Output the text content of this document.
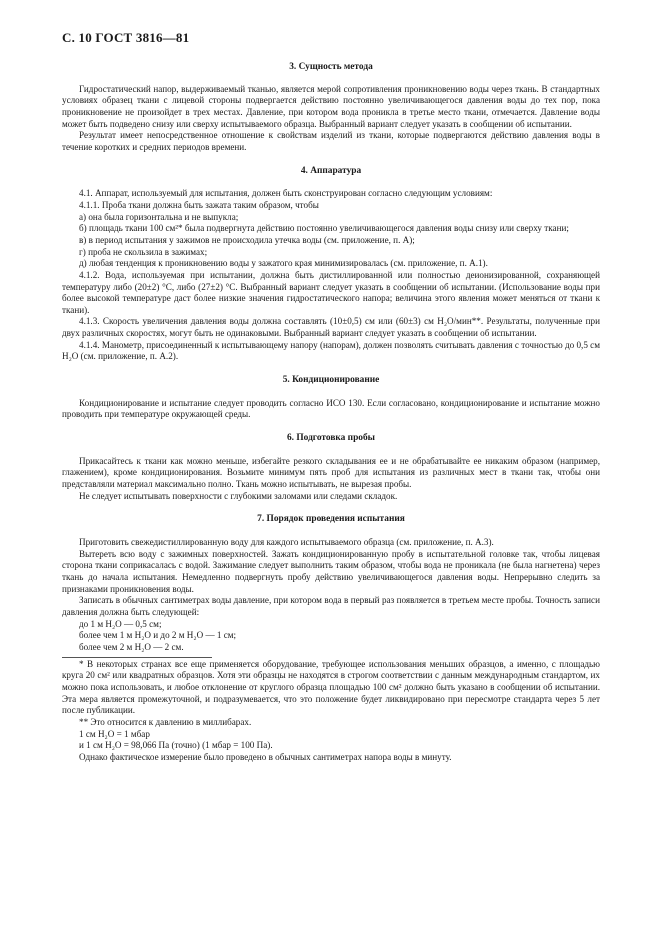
С. 10 ГОСТ 3816—81

3. Сущность метода

Гидростатический напор, выдерживаемый тканью, является мерой сопротивления проникновению воды через ткань. В стандартных условиях образец ткани с лицевой стороны подвергается действию постоянно увеличивающегося давления воды до тех пор, пока проникновение не произойдет в трех местах. Давление, при котором вода проникла в третье место ткани, отмечается. Давление воды может быть подведено снизу или сверху испытываемого образца. Выбранный вариант следует указать в сообщении об испытании.

Результат имеет непосредственное отношение к свойствам изделий из ткани, которые подвергаются действию давления воды в течение коротких и средних периодов времени.

4. Аппаратура

4.1. Аппарат, используемый для испытания, должен быть сконструирован согласно следующим условиям:

4.1.1. Проба ткани должна быть зажата таким образом, чтобы

а) она была горизонтальна и не выпукла;

б) площадь ткани 100 см²* была подвергнута действию постоянно увеличивающегося давления воды снизу или сверху ткани;

в) в период испытания у зажимов не происходила утечка воды (см. приложение, п. А);

г) проба не скользила в зажимах;

д) любая тенденция к проникновению воды у зажатого края минимизировалась (см. приложение, п. А.1).

4.1.2. Вода, используемая при испытании, должна быть дистиллированной или полностью деионизированной, сохраняющей температуру либо (20±2) °С, либо (27±2) °С. Выбранный вариант следует указать в сообщении об испытании. (Использование воды при более высокой температуре даст более низкие значения гидростатического напора; величина этого явления может меняться от ткани к ткани).

4.1.3. Скорость увеличения давления воды должна составлять (10±0,5) см или (60±3) см H₂O/мин**. Результаты, полученные при двух различных скоростях, могут быть не одинаковыми. Выбранный вариант следует указать в сообщении об испытании.

4.1.4. Манометр, присоединенный к испытывающему напору (напорам), должен позволять считывать давления с точностью до 0,5 см H₂O (см. приложение, п. А.2).

5. Кондиционирование

Кондиционирование и испытание следует проводить согласно ИСО 130. Если согласовано, кондиционирование и испытание можно проводить при температуре окружающей среды.

6. Подготовка пробы

Прикасайтесь к ткани как можно меньше, избегайте резкого складывания ее и не обрабатывайте ее никаким образом (например, глажением), кроме кондиционирования. Возьмите минимум пять проб для испытания из различных мест в ткани так, чтобы они представляли материал максимально полно. Ткань можно испытывать, не вырезая пробы.

Не следует испытывать поверхности с глубокими заломами или следами складок.

7. Порядок проведения испытания

Приготовить свежедистиллированную воду для каждого испытываемого образца (см. приложение, п. А.3).

Вытереть всю воду с зажимных поверхностей. Зажать кондиционированную пробу в испытательной головке так, чтобы лицевая сторона ткани соприкасалась с водой. Зажимание следует выполнить таким образом, чтобы вода не проникала (не была нагнетена) через ткань до начала испытания. Немедленно подвергнуть пробу действию увеличивающегося давления воды. Непрерывно следить за признаками проникновения воды.

Записать в обычных сантиметрах воды давление, при котором вода в первый раз появляется в третьем месте пробы. Точность записи давления должна быть следующей:

до 1 м H₂O — 0,5 см;

более чем 1 м H₂O и до 2 м H₂O — 1 см;

более чем 2 м H₂O — 2 см.

* В некоторых странах все еще применяется оборудование, требующее использования меньших образцов, а именно, с площадью круга 20 см² или квадратных образцов. Хотя эти образцы не находятся в строгом соответствии с данным международным стандартом, их можно пока использовать, и любое отклонение от круглого образца площадью 100 см² должно быть указано в сообщении об испытании. Эта мера является промежуточной, и подразумевается, что это положение будет ликвидировано при пересмотре стандарта через 5 лет после публикации.

** Это относится к давлению в миллибарах.

1 см H₂O = 1 мбар

и 1 см H₂O = 98,066 Па (точно) (1 мбар = 100 Па).

Однако фактическое измерение было проведено в обычных сантиметрах напора воды в минуту.
